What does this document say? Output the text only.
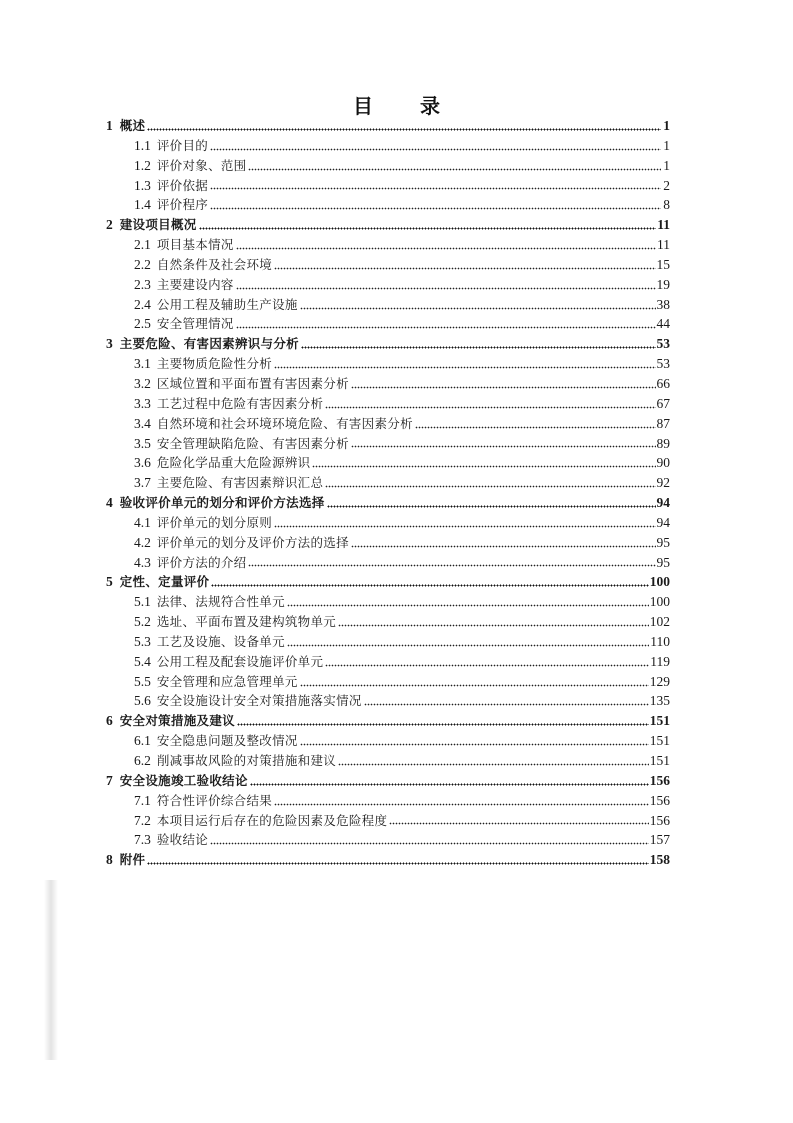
目 录
1 概述	1
1.1 评价目的	1
1.2 评价对象、范围	1
1.3 评价依据	2
1.4 评价程序	8
2 建设项目概况	11
2.1 项目基本情况	11
2.2 自然条件及社会环境	15
2.3 主要建设内容	19
2.4 公用工程及辅助生产设施	38
2.5 安全管理情况	44
3 主要危险、有害因素辨识与分析	53
3.1 主要物质危险性分析	53
3.2 区域位置和平面布置有害因素分析	66
3.3 工艺过程中危险有害因素分析	67
3.4 自然环境和社会环境环境危险、有害因素分析	87
3.5 安全管理缺陷危险、有害因素分析	89
3.6 危险化学品重大危险源辨识	90
3.7 主要危险、有害因素辩识汇总	92
4 验收评价单元的划分和评价方法选择	94
4.1 评价单元的划分原则	94
4.2 评价单元的划分及评价方法的选择	95
4.3 评价方法的介绍	95
5 定性、定量评价	100
5.1 法律、法规符合性单元	100
5.2 选址、平面布置及建构筑物单元	102
5.3 工艺及设施、设备单元	110
5.4 公用工程及配套设施评价单元	119
5.5 安全管理和应急管理单元	129
5.6 安全设施设计安全对策措施落实情况	135
6 安全对策措施及建议	151
6.1 安全隐患问题及整改情况	151
6.2 削减事故风险的对策措施和建议	151
7 安全设施竣工验收结论	156
7.1 符合性评价综合结果	156
7.2 本项目运行后存在的危险因素及危险程度	156
7.3 验收结论	157
8 附件	158
